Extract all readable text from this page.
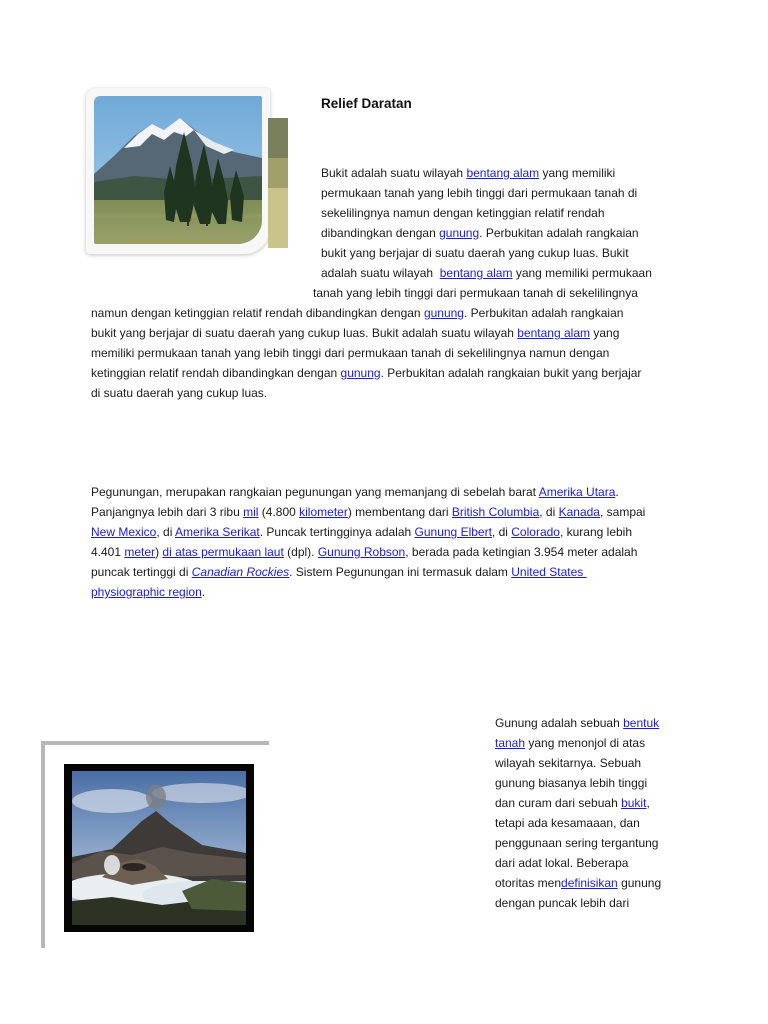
Relief Daratan
Bukit adalah suatu wilayah bentang alam yang memiliki
permukaan tanah yang lebih tinggi dari permukaan tanah di
sekelilingnya namun dengan ketinggian relatif rendah
dibandingkan dengan gunung. Perbukitan adalah rangkaian
bukit yang berjajar di suatu daerah yang cukup luas. Bukit
adalah suatu wilayah  bentang alam yang memiliki permukaan
tanah yang lebih tinggi dari permukaan tanah di sekelilingnya
namun dengan ketinggian relatif rendah dibandingkan dengan gunung. Perbukitan adalah rangkaian
bukit yang berjajar di suatu daerah yang cukup luas. Bukit adalah suatu wilayah bentang alam yang
memiliki permukaan tanah yang lebih tinggi dari permukaan tanah di sekelilingnya namun dengan
ketinggian relatif rendah dibandingkan dengan gunung. Perbukitan adalah rangkaian bukit yang berjajar
di suatu daerah yang cukup luas.
Pegunungan, merupakan rangkaian pegunungan yang memanjang di sebelah barat Amerika Utara.
Panjangnya lebih dari 3 ribu mil (4.800 kilometer) membentang dari British Columbia, di Kanada, sampai
New Mexico, di Amerika Serikat. Puncak tertingginya adalah Gunung Elbert, di Colorado, kurang lebih
4.401 meter) di atas permukaan laut (dpl). Gunung Robson, berada pada ketingian 3.954 meter adalah
puncak tertinggi di Canadian Rockies. Sistem Pegunungan ini termasuk dalam United States
physiographic region.
Gunung adalah sebuah bentuk
tanah yang menonjol di atas
wilayah sekitarnya. Sebuah
gunung biasanya lebih tinggi
dan curam dari sebuah bukit,
tetapi ada kesamaaan, dan
penggunaan sering tergantung
dari adat lokal. Beberapa
otoritas mendefinisikan gunung
dengan puncak lebih dari
